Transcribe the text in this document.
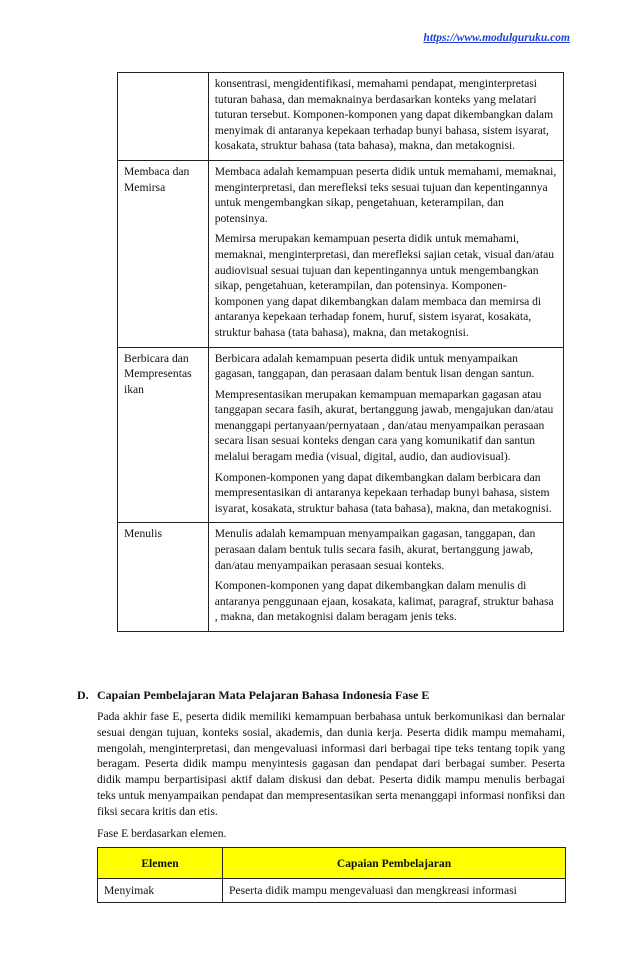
https://www.modulguruku.com

	konsentrasi, mengidentifikasi, memahami pendapat, menginterpretasi tuturan bahasa, dan memaknainya berdasarkan konteks yang melatari tuturan tersebut. Komponen-komponen yang dapat dikembangkan dalam menyimak di antaranya kepekaan terhadap bunyi bahasa, sistem isyarat, kosakata, struktur bahasa (tata bahasa), makna, dan metakognisi.

Membaca dan Memirsa	Membaca adalah kemampuan peserta didik untuk memahami, memaknai, menginterpretasi, dan merefleksi teks sesuai tujuan dan kepentingannya untuk mengembangkan sikap, pengetahuan, keterampilan, dan potensinya.

Memirsa merupakan kemampuan peserta didik untuk memahami, memaknai, menginterpretasi, dan merefleksi sajian cetak, visual dan/atau audiovisual sesuai tujuan dan kepentingannya untuk mengembangkan sikap, pengetahuan, keterampilan, dan potensinya. Komponen- komponen yang dapat dikembangkan dalam membaca dan memirsa di antaranya kepekaan terhadap fonem, huruf, sistem isyarat, kosakata, struktur bahasa (tata bahasa), makna, dan metakognisi.

Berbicara dan Mempresentas ikan	Berbicara adalah kemampuan peserta didik untuk menyampaikan gagasan, tanggapan, dan perasaan dalam bentuk lisan dengan santun.

Mempresentasikan merupakan kemampuan memaparkan gagasan atau tanggapan secara fasih, akurat, bertanggung jawab, mengajukan dan/atau menanggapi pertanyaan/pernyataan , dan/atau menyampaikan perasaan secara lisan sesuai konteks dengan cara yang komunikatif dan santun melalui beragam media (visual, digital, audio, dan audiovisual).

Komponen-komponen yang dapat dikembangkan dalam berbicara dan mempresentasikan di antaranya kepekaan terhadap bunyi bahasa, sistem isyarat, kosakata, struktur bahasa (tata bahasa), makna, dan metakognisi.

Menulis	Menulis adalah kemampuan menyampaikan gagasan, tanggapan, dan perasaan dalam bentuk tulis secara fasih, akurat, bertanggung jawab, dan/atau menyampaikan perasaan sesuai konteks.

Komponen-komponen yang dapat dikembangkan dalam menulis di antaranya penggunaan ejaan, kosakata, kalimat, paragraf, struktur bahasa , makna, dan metakognisi dalam beragam jenis teks.

D. Capaian Pembelajaran Mata Pelajaran Bahasa Indonesia Fase E

Pada akhir fase E, peserta didik memiliki kemampuan berbahasa untuk berkomunikasi dan bernalar sesuai dengan tujuan, konteks sosial, akademis, dan dunia kerja. Peserta didik mampu memahami, mengolah, menginterpretasi, dan mengevaluasi informasi dari berbagai tipe teks tentang topik yang beragam. Peserta didik mampu menyintesis gagasan dan pendapat dari berbagai sumber. Peserta didik mampu berpartisipasi aktif dalam diskusi dan debat. Peserta didik mampu menulis berbagai teks untuk menyampaikan pendapat dan mempresentasikan serta menanggapi informasi nonfiksi dan fiksi secara kritis dan etis.

Fase E berdasarkan elemen.

Elemen	Capaian Pembelajaran
Menyimak	Peserta didik mampu mengevaluasi dan mengkreasi informasi
